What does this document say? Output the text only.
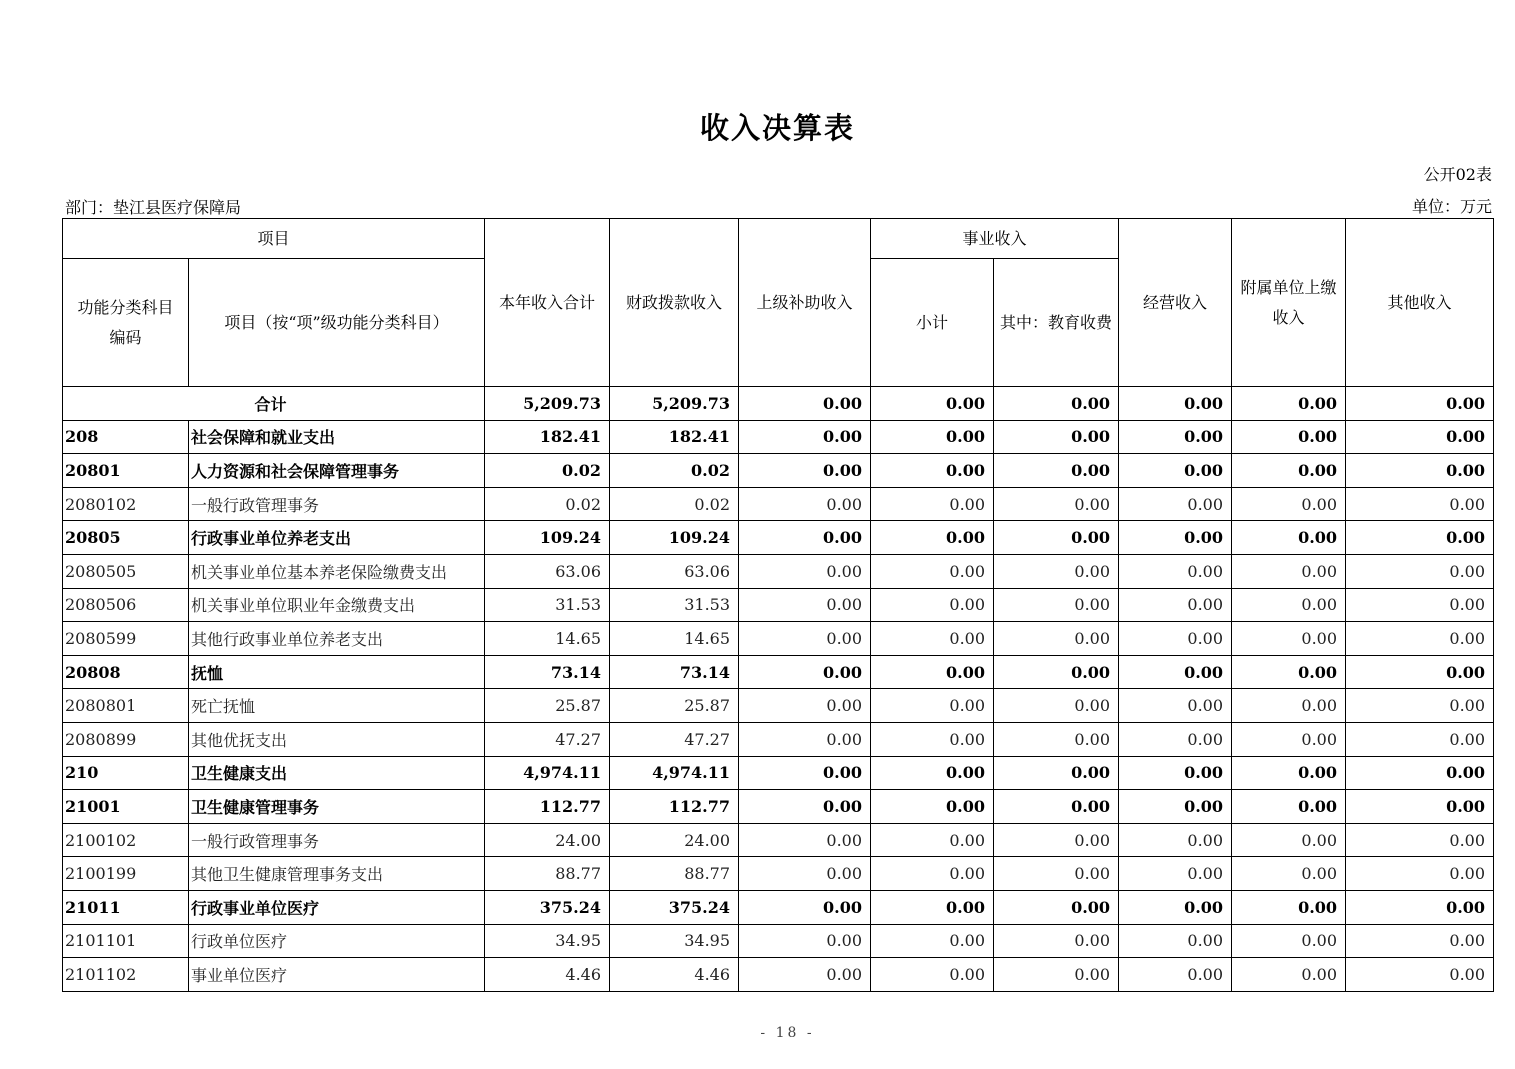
收入决算表
公开02表
部门：垫江县医疗保障局	单位：万元
项目		本年收入合计	财政拨款收入	上级补助收入	事业收入		经营收入	附属单位上缴收入	其他收入
功能分类科目编码	项目（按“项”级功能分类科目）				小计	其中：教育收费			
合计		5,209.73	5,209.73	0.00	0.00	0.00	0.00	0.00	0.00
208	社会保障和就业支出	182.41	182.41	0.00	0.00	0.00	0.00	0.00	0.00
20801	人力资源和社会保障管理事务	0.02	0.02	0.00	0.00	0.00	0.00	0.00	0.00
2080102	一般行政管理事务	0.02	0.02	0.00	0.00	0.00	0.00	0.00	0.00
20805	行政事业单位养老支出	109.24	109.24	0.00	0.00	0.00	0.00	0.00	0.00
2080505	机关事业单位基本养老保险缴费支出	63.06	63.06	0.00	0.00	0.00	0.00	0.00	0.00
2080506	机关事业单位职业年金缴费支出	31.53	31.53	0.00	0.00	0.00	0.00	0.00	0.00
2080599	其他行政事业单位养老支出	14.65	14.65	0.00	0.00	0.00	0.00	0.00	0.00
20808	抚恤	73.14	73.14	0.00	0.00	0.00	0.00	0.00	0.00
2080801	死亡抚恤	25.87	25.87	0.00	0.00	0.00	0.00	0.00	0.00
2080899	其他优抚支出	47.27	47.27	0.00	0.00	0.00	0.00	0.00	0.00
210	卫生健康支出	4,974.11	4,974.11	0.00	0.00	0.00	0.00	0.00	0.00
21001	卫生健康管理事务	112.77	112.77	0.00	0.00	0.00	0.00	0.00	0.00
2100102	一般行政管理事务	24.00	24.00	0.00	0.00	0.00	0.00	0.00	0.00
2100199	其他卫生健康管理事务支出	88.77	88.77	0.00	0.00	0.00	0.00	0.00	0.00
21011	行政事业单位医疗	375.24	375.24	0.00	0.00	0.00	0.00	0.00	0.00
2101101	行政单位医疗	34.95	34.95	0.00	0.00	0.00	0.00	0.00	0.00
2101102	事业单位医疗	4.46	4.46	0.00	0.00	0.00	0.00	0.00	0.00
- 18 -
